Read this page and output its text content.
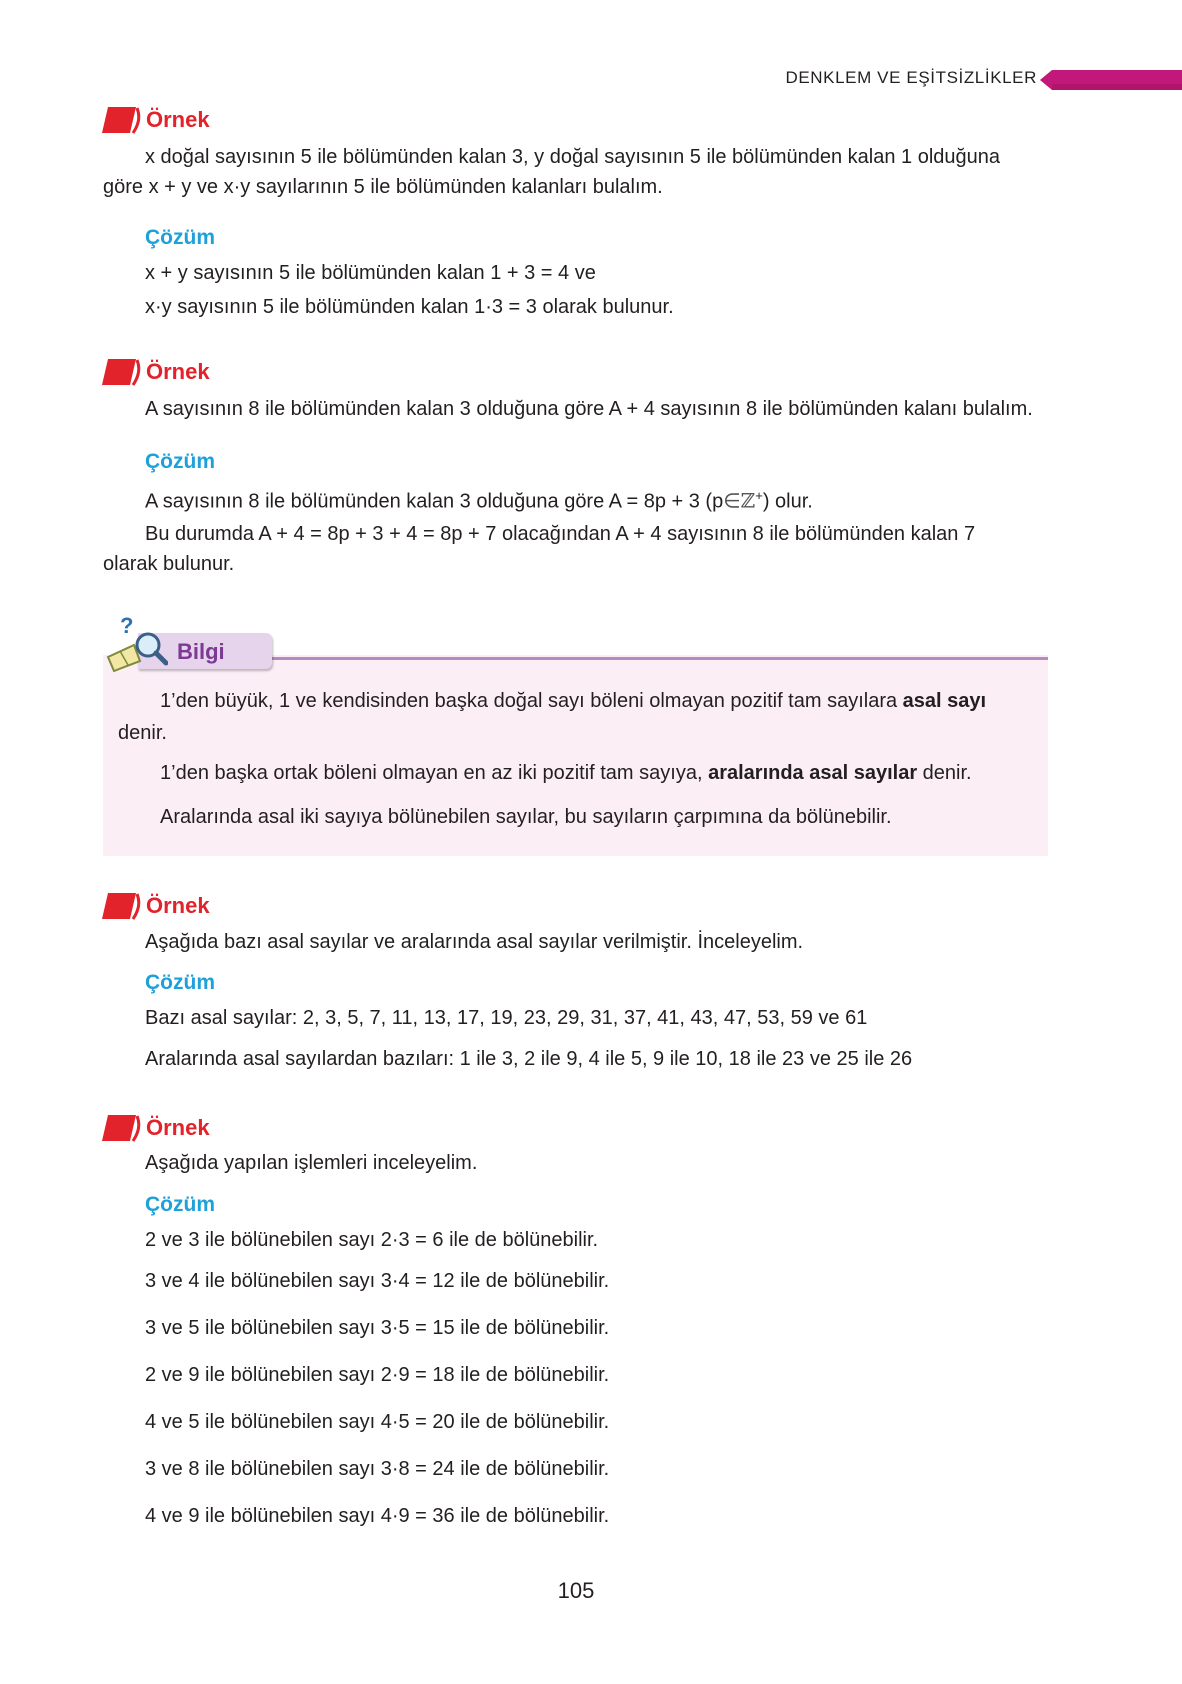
DENKLEM VE EŞİTSİZLİKLER
Örnek
x doğal sayısının 5 ile bölümünden kalan 3, y doğal sayısının 5 ile bölümünden kalan 1 olduğuna
göre x + y ve x·y sayılarının 5 ile bölümünden kalanları bulalım.
Çözüm
x + y sayısının 5 ile bölümünden kalan 1 + 3 = 4 ve
x·y sayısının 5 ile bölümünden kalan 1·3 = 3 olarak bulunur.
Örnek
A sayısının 8 ile bölümünden kalan 3 olduğuna göre A + 4 sayısının 8 ile bölümünden kalanı bulalım.
Çözüm
A sayısının 8 ile bölümünden kalan 3 olduğuna göre A = 8p + 3 (p∈ℤ+) olur.
Bu durumda A + 4 = 8p + 3 + 4 = 8p + 7 olacağından A + 4 sayısının 8 ile bölümünden kalan 7
olarak bulunur.
?
Bilgi
1’den büyük, 1 ve kendisinden başka doğal sayı böleni olmayan pozitif tam sayılara asal sayı
denir.
1’den başka ortak böleni olmayan en az iki pozitif tam sayıya, aralarında asal sayılar denir.
Aralarında asal iki sayıya bölünebilen sayılar, bu sayıların çarpımına da bölünebilir.
Örnek
Aşağıda bazı asal sayılar ve aralarında asal sayılar verilmiştir. İnceleyelim.
Çözüm
Bazı asal sayılar: 2, 3, 5, 7, 11, 13, 17, 19, 23, 29, 31, 37, 41, 43, 47, 53, 59 ve 61
Aralarında asal sayılardan bazıları: 1 ile 3, 2 ile 9, 4 ile 5, 9 ile 10, 18 ile 23 ve 25 ile 26
Örnek
Aşağıda yapılan işlemleri inceleyelim.
Çözüm
2 ve 3 ile bölünebilen sayı 2·3 = 6 ile de bölünebilir.
3 ve 4 ile bölünebilen sayı 3·4 = 12 ile de bölünebilir.
3 ve 5 ile bölünebilen sayı 3·5 = 15 ile de bölünebilir.
2 ve 9 ile bölünebilen sayı 2·9 = 18 ile de bölünebilir.
4 ve 5 ile bölünebilen sayı 4·5 = 20 ile de bölünebilir.
3 ve 8 ile bölünebilen sayı 3·8 = 24 ile de bölünebilir.
4 ve 9 ile bölünebilen sayı 4·9 = 36 ile de bölünebilir.
105
